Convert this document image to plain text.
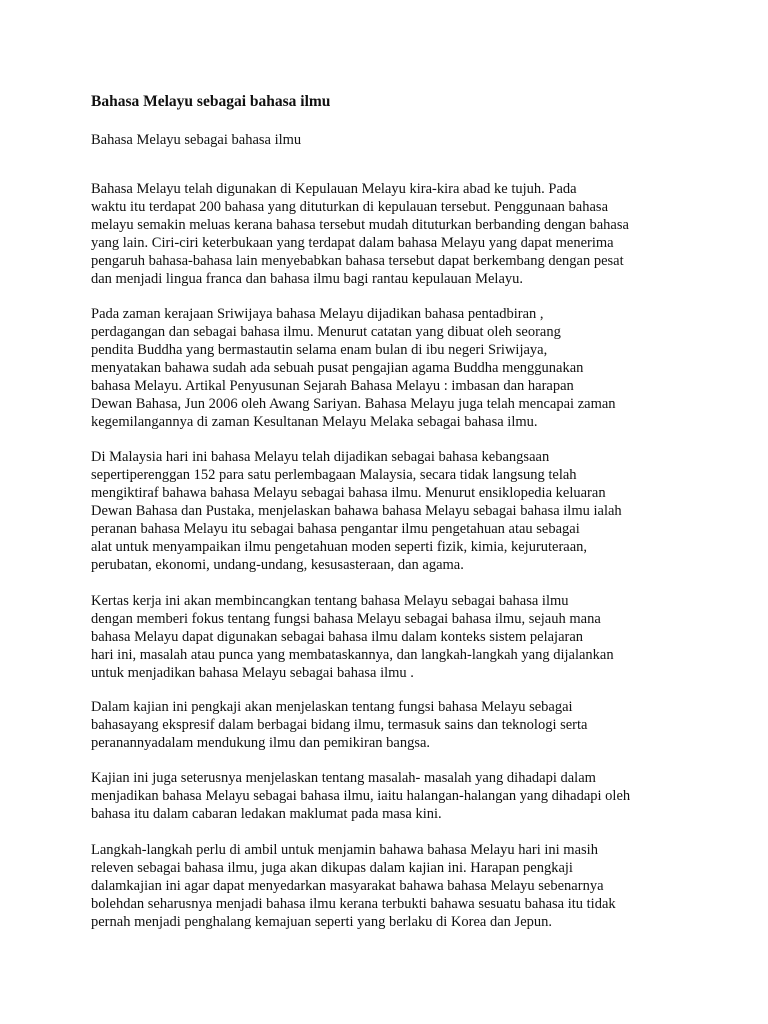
Bahasa Melayu sebagai bahasa ilmu
Bahasa Melayu sebagai bahasa ilmu
Bahasa Melayu telah digunakan di Kepulauan Melayu kira-kira abad ke tujuh. Pada
waktu itu terdapat 200 bahasa yang dituturkan di kepulauan tersebut. Penggunaan bahasa
melayu semakin meluas kerana bahasa tersebut mudah dituturkan berbanding dengan bahasa
yang lain. Ciri-ciri keterbukaan yang terdapat dalam bahasa Melayu yang dapat menerima
pengaruh bahasa-bahasa lain menyebabkan bahasa tersebut dapat berkembang dengan pesat
dan menjadi lingua franca dan bahasa ilmu bagi rantau kepulauan Melayu.
Pada zaman kerajaan Sriwijaya bahasa Melayu dijadikan bahasa pentadbiran ,
perdagangan dan sebagai bahasa ilmu. Menurut catatan yang dibuat oleh seorang
pendita Buddha yang bermastautin selama enam bulan di ibu negeri Sriwijaya,
menyatakan bahawa sudah ada sebuah pusat pengajian agama Buddha menggunakan
bahasa Melayu. Artikal Penyusunan Sejarah Bahasa Melayu : imbasan dan harapan
Dewan Bahasa, Jun 2006 oleh Awang Sariyan. Bahasa Melayu juga telah mencapai zaman
kegemilangannya di zaman Kesultanan Melayu Melaka sebagai bahasa ilmu.
Di Malaysia hari ini bahasa Melayu telah dijadikan sebagai bahasa kebangsaan
sepertiperenggan 152 para satu perlembagaan Malaysia, secara tidak langsung telah
mengiktiraf bahawa bahasa Melayu sebagai bahasa ilmu. Menurut ensiklopedia keluaran
Dewan Bahasa dan Pustaka, menjelaskan bahawa bahasa Melayu sebagai bahasa ilmu ialah
peranan bahasa Melayu itu sebagai bahasa pengantar ilmu pengetahuan atau sebagai
alat untuk menyampaikan ilmu pengetahuan moden seperti fizik, kimia, kejuruteraan,
perubatan, ekonomi, undang-undang, kesusasteraan, dan agama.
Kertas kerja ini akan membincangkan tentang bahasa Melayu sebagai bahasa ilmu
dengan memberi fokus tentang fungsi bahasa Melayu sebagai bahasa ilmu, sejauh mana
bahasa Melayu dapat digunakan sebagai bahasa ilmu dalam konteks sistem pelajaran
hari ini, masalah atau punca yang membataskannya, dan langkah-langkah yang dijalankan
untuk menjadikan bahasa Melayu sebagai bahasa ilmu .
Dalam kajian ini pengkaji akan menjelaskan tentang fungsi bahasa Melayu sebagai
bahasayang ekspresif dalam berbagai bidang ilmu, termasuk sains dan teknologi serta
peranannyadalam mendukung ilmu dan pemikiran bangsa.
Kajian ini juga seterusnya menjelaskan tentang masalah- masalah yang dihadapi dalam
menjadikan bahasa Melayu sebagai bahasa ilmu, iaitu halangan-halangan yang dihadapi oleh
bahasa itu dalam cabaran ledakan maklumat pada masa kini.
Langkah-langkah perlu di ambil untuk menjamin bahawa bahasa Melayu hari ini masih
releven sebagai bahasa ilmu, juga akan dikupas dalam kajian ini. Harapan pengkaji
dalamkajian ini agar dapat menyedarkan masyarakat bahawa bahasa Melayu sebenarnya
bolehdan seharusnya menjadi bahasa ilmu kerana terbukti bahawa sesuatu bahasa itu tidak
pernah menjadi penghalang kemajuan seperti yang berlaku di Korea dan Jepun.
